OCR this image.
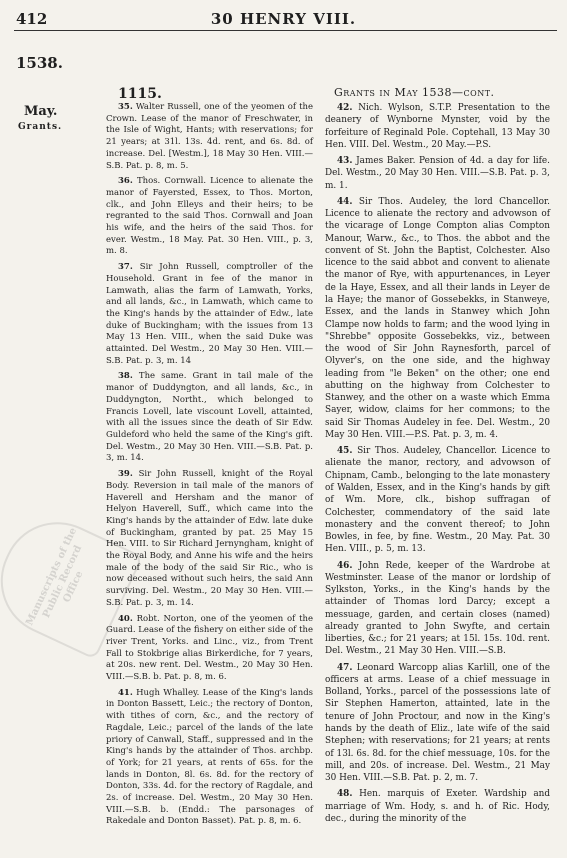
412	30 HENRY VIII.
1538.
May.
Grants.
1115.	Grants in May 1538—cont.
Manuscripts of the Public Record Office

35. Walter Russell, one of the yeomen of the Crown. Lease of the manor of Freschwater, in the Isle of Wight, Hants; with reservations; for 21 years; at 31l. 13s. 4d. rent, and 6s. 8d. of increase. Del. [Westm.], 18 May 30 Hen. VIII.—S.B. Pat. p. 8, m. 5.

36. Thos. Cornwall. Licence to alienate the manor of Fayersted, Essex, to Thos. Morton, clk., and John Elleys and their heirs; to be regranted to the said Thos. Cornwall and Joan his wife, and the heirs of the said Thos. for ever. Westm., 18 May. Pat. 30 Hen. VIII., p. 3, m. 8.

37. Sir John Russell, comptroller of the Household. Grant in fee of the manor in Lamwath, alias the farm of Lamwath, Yorks, and all lands, &c., in Lamwath, which came to the King's hands by the attainder of Edw., late duke of Buckingham; with the issues from 13 May 13 Hen. VIII., when the said Duke was attainted. Del Westm., 20 May 30 Hen. VIII.—S.B. Pat. p. 3, m. 14

38. The same. Grant in tail male of the manor of Duddyngton, and all lands, &c., in Duddyngton, Northt., which belonged to Francis Lovell, late viscount Lovell, attainted, with all the issues since the death of Sir Edw. Guldeford who held the same of the King's gift. Del. Westm., 20 May 30 Hen. VIII.—S.B. Pat. p. 3, m. 14.

39. Sir John Russell, knight of the Royal Body. Reversion in tail male of the manors of Haverell and Hersham and the manor of Helyon Haverell, Suff., which came into the King's hands by the attainder of Edw. late duke of Buckingham, granted by pat. 25 May 15 Hen. VIII. to Sir Richard Jernyngham, knight of the Royal Body, and Anne his wife and the heirs male of the body of the said Sir Ric., who is now deceased without such heirs, the said Ann surviving. Del. Westm., 20 May 30 Hen. VIII.—S.B. Pat. p. 3, m. 14.

40. Robt. Norton, one of the yeomen of the Guard. Lease of the fishery on either side of the river Trent, Yorks. and Linc., viz., from Trent Fall to Stokbrige alias Birkerdiche, for 7 years, at 20s. new rent. Del. Westm., 20 May 30 Hen. VIII.—S.B. b. Pat. p. 8, m. 6.

41. Hugh Whalley. Lease of the King's lands in Donton Bassett, Leic.; the rectory of Donton, with tithes of corn, &c., and the rectory of Ragdale, Leic.; parcel of the lands of the late priory of Canwall, Staff., suppressed and in the King's hands by the attainder of Thos. archbp. of York; for 21 years, at rents of 65s. for the lands in Donton, 8l. 6s. 8d. for the rectory of Donton, 33s. 4d. for the rectory of Ragdale, and 2s. of increase. Del. Westm., 20 May 30 Hen. VIII.—S.B. b. (Endd.: The parsonages of Rakedale and Donton Basset). Pat. p. 8, m. 6.

42. Nich. Wylson, S.T.P. Presentation to the deanery of Wynborne Mynster, void by the forfeiture of Reginald Pole. Coptehall, 13 May 30 Hen. VIII. Del. Westm., 20 May.—P.S.

43. James Baker. Pension of 4d. a day for life. Del. Westm., 20 May 30 Hen. VIII.—S.B. Pat. p. 3, m. 1.

44. Sir Thos. Audeley, the lord Chancellor. Licence to alienate the rectory and advowson of the vicarage of Longe Compton alias Compton Manour, Warw., &c., to Thos. the abbot and the convent of St. John the Baptist, Colchester. Also licence to the said abbot and convent to alienate the manor of Rye, with appurtenances, in Leyer de la Haye, Essex, and all their lands in Leyer de la Haye; the manor of Gossebekks, in Stanweye, Essex, and the lands in Stanwey which John Clampe now holds to farm; and the wood lying in "Shrebbe" opposite Gossebekks, viz., between the wood of Sir John Raynesforth, parcel of Olyver's, on the one side, and the highway leading from "le Beken" on the other; one end abutting on the highway from Colchester to Stanwey, and the other on a waste which Emma Sayer, widow, claims for her commons; to the said Sir Thomas Audeley in fee. Del. Westm., 20 May 30 Hen. VIII.—P.S. Pat. p. 3, m. 4.

45. Sir Thos. Audeley, Chancellor. Licence to alienate the manor, rectory, and advowson of Chipnam, Camb., belonging to the late monastery of Walden, Essex, and in the King's hands by gift of Wm. More, clk., bishop suffragan of Colchester, commendatory of the said late monastery and the convent thereof; to John Bowles, in fee, by fine. Westm., 20 May. Pat. 30 Hen. VIII., p. 5, m. 13.

46. John Rede, keeper of the Wardrobe at Westminster. Lease of the manor or lordship of Sylkston, Yorks., in the King's hands by the attainder of Thomas lord Darcy; except a messuage, garden, and certain closes (named) already granted to John Swyfte, and certain liberties, &c.; for 21 years; at 15l. 15s. 10d. rent. Del. Westm., 21 May 30 Hen. VIII.—S.B.

47. Leonard Warcopp alias Karlill, one of the officers at arms. Lease of a chief messuage in Bolland, Yorks., parcel of the possessions late of Sir Stephen Hamerton, attainted, late in the tenure of John Proctour, and now in the King's hands by the death of Eliz., late wife of the said Stephen; with reservations; for 21 years; at rents of 13l. 6s. 8d. for the chief messuage, 10s. for the mill, and 20s. of increase. Del. Westm., 21 May 30 Hen. VIII.—S.B. Pat. p. 2, m. 7.

48. Hen. marquis of Exeter. Wardship and marriage of Wm. Hody, s. and h. of Ric. Hody, dec., during the minority of the
